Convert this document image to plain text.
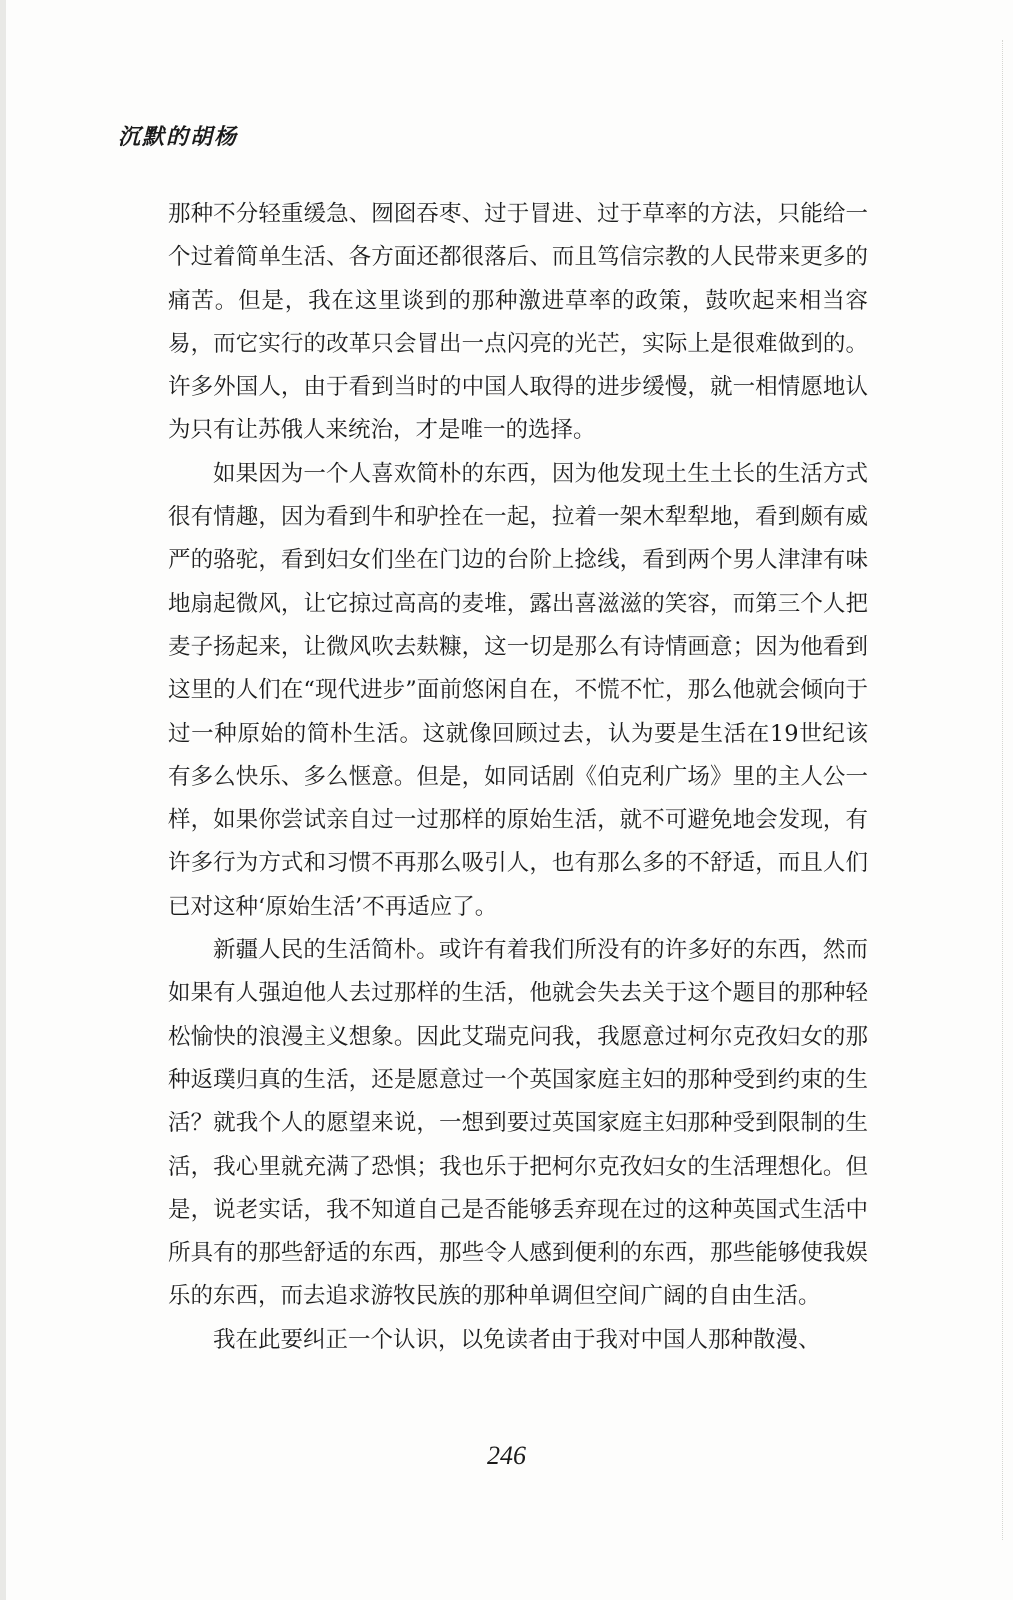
沉默的胡杨

那种不分轻重缓急、囫囵吞枣、过于冒进、过于草率的方法，只能给一个过着简单生活、各方面还都很落后、而且笃信宗教的人民带来更多的痛苦。但是，我在这里谈到的那种激进草率的政策，鼓吹起来相当容易，而它实行的改革只会冒出一点闪亮的光芒，实际上是很难做到的。许多外国人，由于看到当时的中国人取得的进步缓慢，就一相情愿地认为只有让苏俄人来统治，才是唯一的选择。

如果因为一个人喜欢简朴的东西，因为他发现土生土长的生活方式很有情趣，因为看到牛和驴拴在一起，拉着一架木犁犁地，看到颇有威严的骆驼，看到妇女们坐在门边的台阶上捻线，看到两个男人津津有味地扇起微风，让它掠过高高的麦堆，露出喜滋滋的笑容，而第三个人把麦子扬起来，让微风吹去麸糠，这一切是那么有诗情画意；因为他看到这里的人们在“现代进步”面前悠闲自在，不慌不忙，那么他就会倾向于过一种原始的简朴生活。这就像回顾过去，认为要是生活在19世纪该有多么快乐、多么惬意。但是，如同话剧《伯克利广场》里的主人公一样，如果你尝试亲自过一过那样的原始生活，就不可避免地会发现，有许多行为方式和习惯不再那么吸引人，也有那么多的不舒适，而且人们已对这种‘原始生活’不再适应了。

新疆人民的生活简朴。或许有着我们所没有的许多好的东西，然而如果有人强迫他人去过那样的生活，他就会失去关于这个题目的那种轻松愉快的浪漫主义想象。因此艾瑞克问我，我愿意过柯尔克孜妇女的那种返璞归真的生活，还是愿意过一个英国家庭主妇的那种受到约束的生活？就我个人的愿望来说，一想到要过英国家庭主妇那种受到限制的生活，我心里就充满了恐惧；我也乐于把柯尔克孜妇女的生活理想化。但是，说老实话，我不知道自己是否能够丢弃现在过的这种英国式生活中所具有的那些舒适的东西，那些令人感到便利的东西，那些能够使我娱乐的东西，而去追求游牧民族的那种单调但空间广阔的自由生活。

我在此要纠正一个认识，以免读者由于我对中国人那种散漫、

246
